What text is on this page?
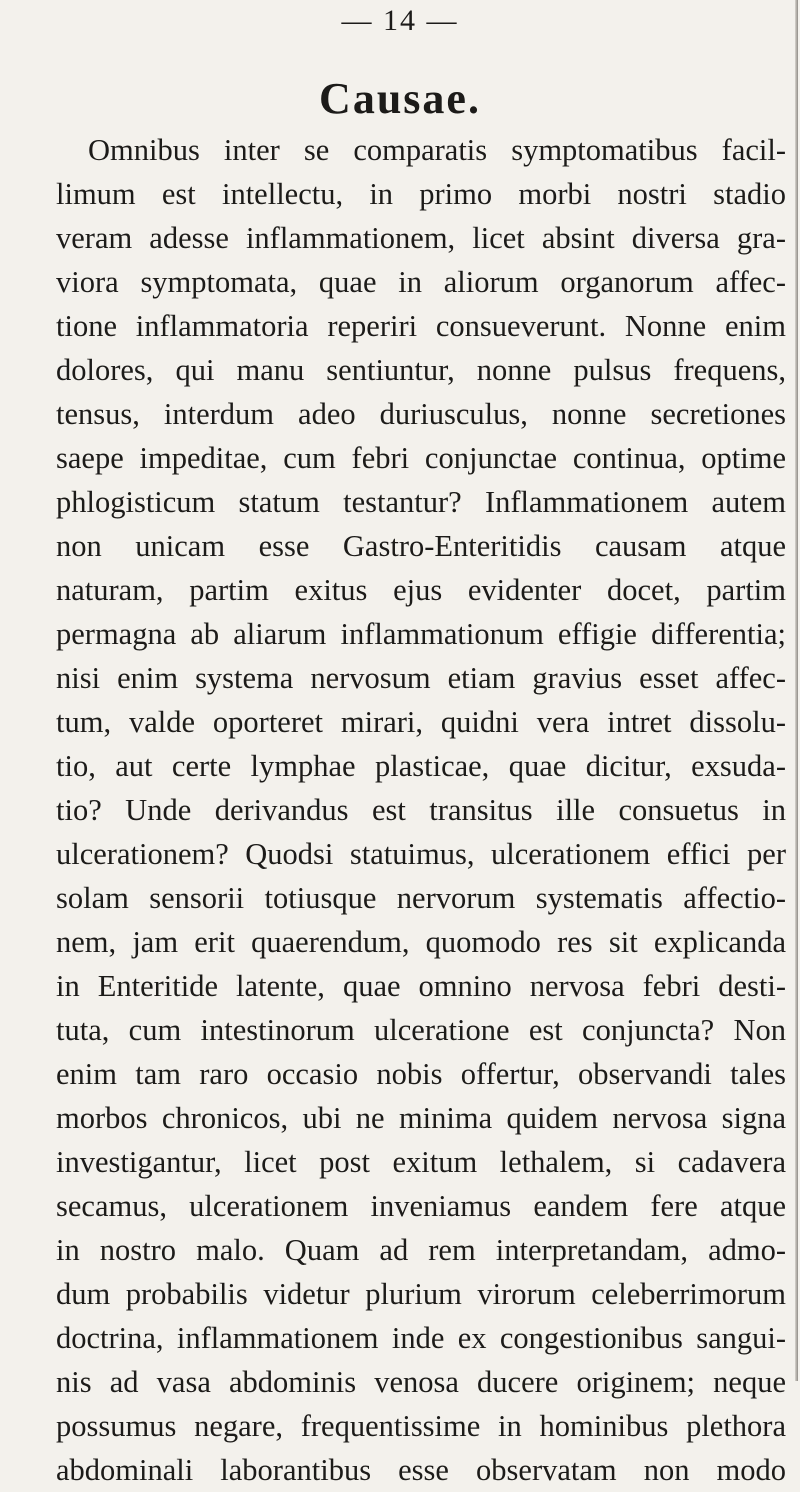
— 14 —
Causae.
Omnibus inter se comparatis symptomatibus facil-
limum est intellectu, in primo morbi nostri stadio
veram adesse inflammationem, licet absint diversa gra-
viora symptomata, quae in aliorum organorum affec-
tione inflammatoria reperiri consueverunt. Nonne enim
dolores, qui manu sentiuntur, nonne pulsus frequens,
tensus, interdum adeo duriusculus, nonne secretiones
saepe impeditae, cum febri conjunctae continua, optime
phlogisticum statum testantur? Inflammationem autem
non unicam esse Gastro-Enteritidis causam atque
naturam, partim exitus ejus evidenter docet, partim
permagna ab aliarum inflammationum effigie differentia;
nisi enim systema nervosum etiam gravius esset affec-
tum, valde oporteret mirari, quidni vera intret dissolu-
tio, aut certe lymphae plasticae, quae dicitur, exsuda-
tio? Unde derivandus est transitus ille consuetus in
ulcerationem? Quodsi statuimus, ulcerationem effici per
solam sensorii totiusque nervorum systematis affectio-
nem, jam erit quaerendum, quomodo res sit explicanda
in Enteritide latente, quae omnino nervosa febri desti-
tuta, cum intestinorum ulceratione est conjuncta? Non
enim tam raro occasio nobis offertur, observandi tales
morbos chronicos, ubi ne minima quidem nervosa signa
investigantur, licet post exitum lethalem, si cadavera
secamus, ulcerationem inveniamus eandem fere atque
in nostro malo. Quam ad rem interpretandam, admo-
dum probabilis videtur plurium virorum celeberrimorum
doctrina, inflammationem inde ex congestionibus sangui-
nis ad vasa abdominis venosa ducere originem; neque
possumus negare, frequentissime in hominibus plethora
abdominali laborantibus esse observatam non modo
